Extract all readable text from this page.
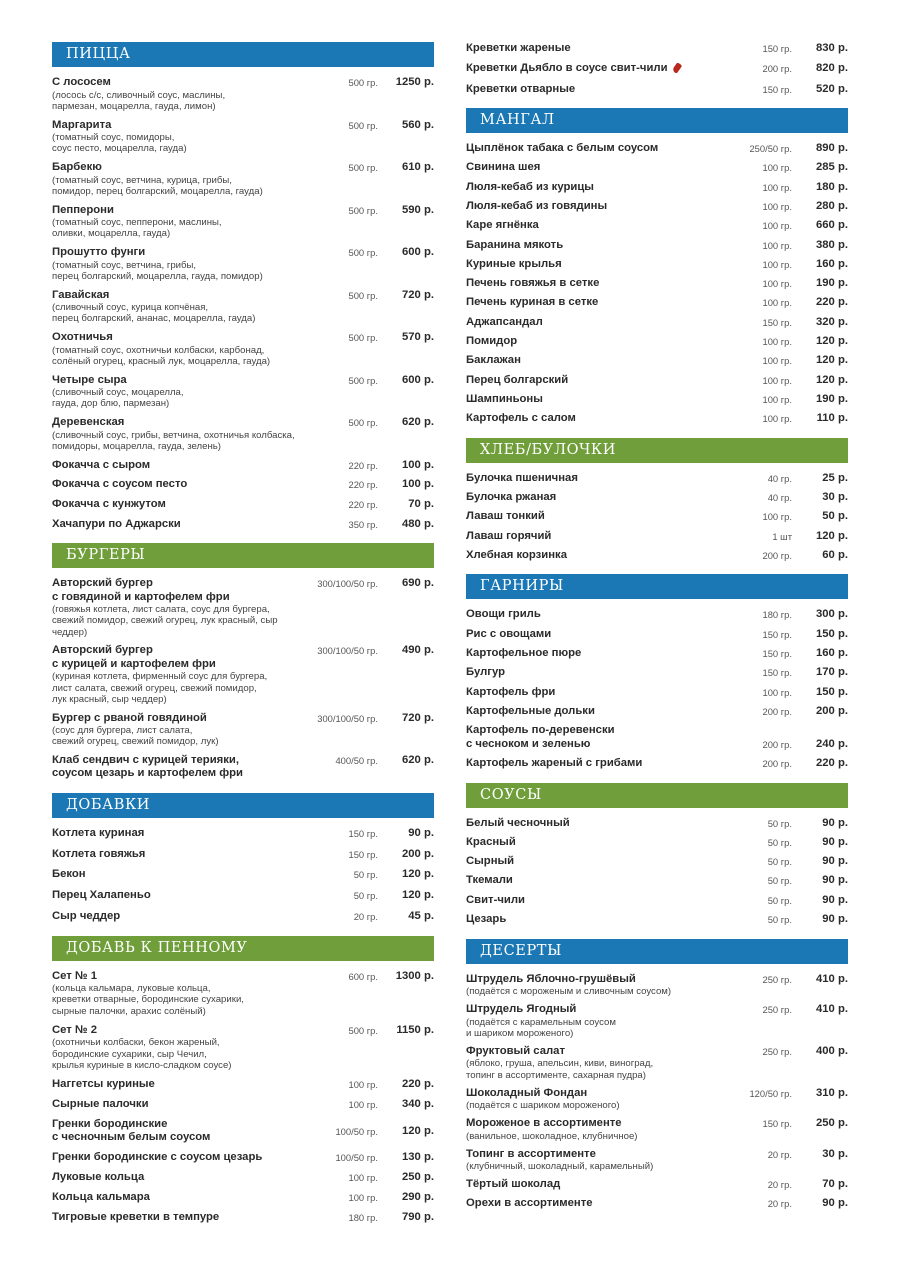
ПИЦЦА
С лососем
(лосось с/с, сливочный соус, маслины,
пармезан, моцарелла, гауда, лимон)
500 гр.	1250 р.
Маргарита
(томатный соус, помидоры,
соус песто, моцарелла, гауда)
500 гр.	560 р.
Барбекю
(томатный соус, ветчина, курица, грибы,
помидор, перец болгарский, моцарелла, гауда)
500 гр.	610 р.
Пепперони
(томатный соус, пепперони, маслины,
оливки, моцарелла, гауда)
500 гр.	590 р.
Прошутто фунги
(томатный соус, ветчина, грибы,
перец болгарский, моцарелла, гауда, помидор)
500 гр.	600 р.
Гавайская
(сливочный соус, курица копчёная,
перец болгарский, ананас, моцарелла, гауда)
500 гр.	720 р.
Охотничья
(томатный соус, охотничьи колбаски, карбонад,
солёный огурец, красный лук, моцарелла, гауда)
500 гр.	570 р.
Четыре сыра
(сливочный соус, моцарелла,
гауда, дор блю, пармезан)
500 гр.	600 р.
Деревенская
(сливочный соус, грибы, ветчина, охотничья колбаска,
помидоры, моцарелла, гауда, зелень)
500 гр.	620 р.
Фокачча с сыром	220 гр.	100 р.
Фокачча с соусом песто	220 гр.	100 р.
Фокачча с кунжутом	220 гр.	70 р.
Хачапури по Аджарски	350 гр.	480 р.
БУРГЕРЫ
Авторский бургер
с говядиной и картофелем фри
(говяжья котлета, лист салата, соус для бургера,
свежий помидор, свежий огурец, лук красный, сыр чеддер)
300/100/50 гр.	690 р.
Авторский бургер
с курицей и картофелем фри
(куриная котлета, фирменный соус для бургера,
лист салата, свежий огурец, свежий помидор,
лук красный, сыр чеддер)
300/100/50 гр.	490 р.
Бургер с рваной говядиной
(соус для бургера, лист салата,
свежий огурец, свежий помидор, лук)
300/100/50 гр.	720 р.
Клаб сендвич с курицей терияки,
соусом цезарь и картофелем фри
400/50 гр.	620 р.
ДОБАВКИ
Котлета куриная	150 гр.	90 р.
Котлета говяжья	150 гр.	200 р.
Бекон	50 гр.	120 р.
Перец Халапеньо	50 гр.	120 р.
Сыр чеддер	20 гр.	45 р.
ДОБАВЬ К ПЕННОМУ
Сет № 1
(кольца кальмара, луковые кольца,
креветки отварные, бородинские сухарики,
сырные палочки, арахис солёный)
600 гр.	1300 р.
Сет № 2
(охотничьи колбаски, бекон жареный,
бородинские сухарики, сыр Чечил,
крылья куриные в кисло-сладком соусе)
500 гр.	1150 р.
Наггетсы куриные	100 гр.	220 р.
Сырные палочки	100 гр.	340 р.
Гренки бородинские
с чесночным белым соусом
100/50 гр.	120 р.
Гренки бородинские с соусом цезарь	100/50 гр.	130 р.
Луковые кольца	100 гр.	250 р.
Кольца кальмара	100 гр.	290 р.
Тигровые креветки в темпуре	180 гр.	790 р.
Креветки жареные	150 гр.	830 р.
Креветки Дьябло в соусе свит-чили	200 гр.	820 р.
Креветки отварные	150 гр.	520 р.
МАНГАЛ
Цыплёнок табака с белым соусом	250/50 гр.	890 р.
Свинина шея	100 гр.	285 р.
Люля-кебаб из курицы	100 гр.	180 р.
Люля-кебаб из говядины	100 гр.	280 р.
Каре ягнёнка	100 гр.	660 р.
Баранина мякоть	100 гр.	380 р.
Куриные крылья	100 гр.	160 р.
Печень говяжья в сетке	100 гр.	190 р.
Печень куриная в сетке	100 гр.	220 р.
Аджапсандал	150 гр.	320 р.
Помидор	100 гр.	120 р.
Баклажан	100 гр.	120 р.
Перец болгарский	100 гр.	120 р.
Шампиньоны	100 гр.	190 р.
Картофель с салом	100 гр.	110 р.
ХЛЕБ/БУЛОЧКИ
Булочка пшеничная	40 гр.	25 р.
Булочка ржаная	40 гр.	30 р.
Лаваш тонкий	100 гр.	50 р.
Лаваш горячий	1 шт	120 р.
Хлебная корзинка	200 гр.	60 р.
ГАРНИРЫ
Овощи гриль	180 гр.	300 р.
Рис с овощами	150 гр.	150 р.
Картофельное пюре	150 гр.	160 р.
Булгур	150 гр.	170 р.
Картофель фри	100 гр.	150 р.
Картофельные дольки	200 гр.	200 р.
Картофель по-деревенски
с чесноком и зеленью	200 гр.	240 р.
Картофель жареный с грибами	200 гр.	220 р.
СОУСЫ
Белый чесночный	50 гр.	90 р.
Красный	50 гр.	90 р.
Сырный	50 гр.	90 р.
Ткемали	50 гр.	90 р.
Свит-чили	50 гр.	90 р.
Цезарь	50 гр.	90 р.
ДЕСЕРТЫ
Штрудель Яблочно-грушёвый
(подаётся с мороженым и сливочным соусом)
250 гр.	410 р.
Штрудель Ягодный
(подаётся с карамельным соусом
и шариком мороженого)
250 гр.	410 р.
Фруктовый салат
(яблоко, груша, апельсин, киви, виноград,
топинг в ассортименте, сахарная пудра)
250 гр.	400 р.
Шоколадный Фондан
(подаётся с шариком мороженого)
120/50 гр.	310 р.
Мороженое в ассортименте
(ванильное, шоколадное, клубничное)
150 гр.	250 р.
Топинг в ассортименте
(клубничный, шоколадный, карамельный)
20 гр.	30 р.
Тёртый шоколад	20 гр.	70 р.
Орехи в ассортименте	20 гр.	90 р.
